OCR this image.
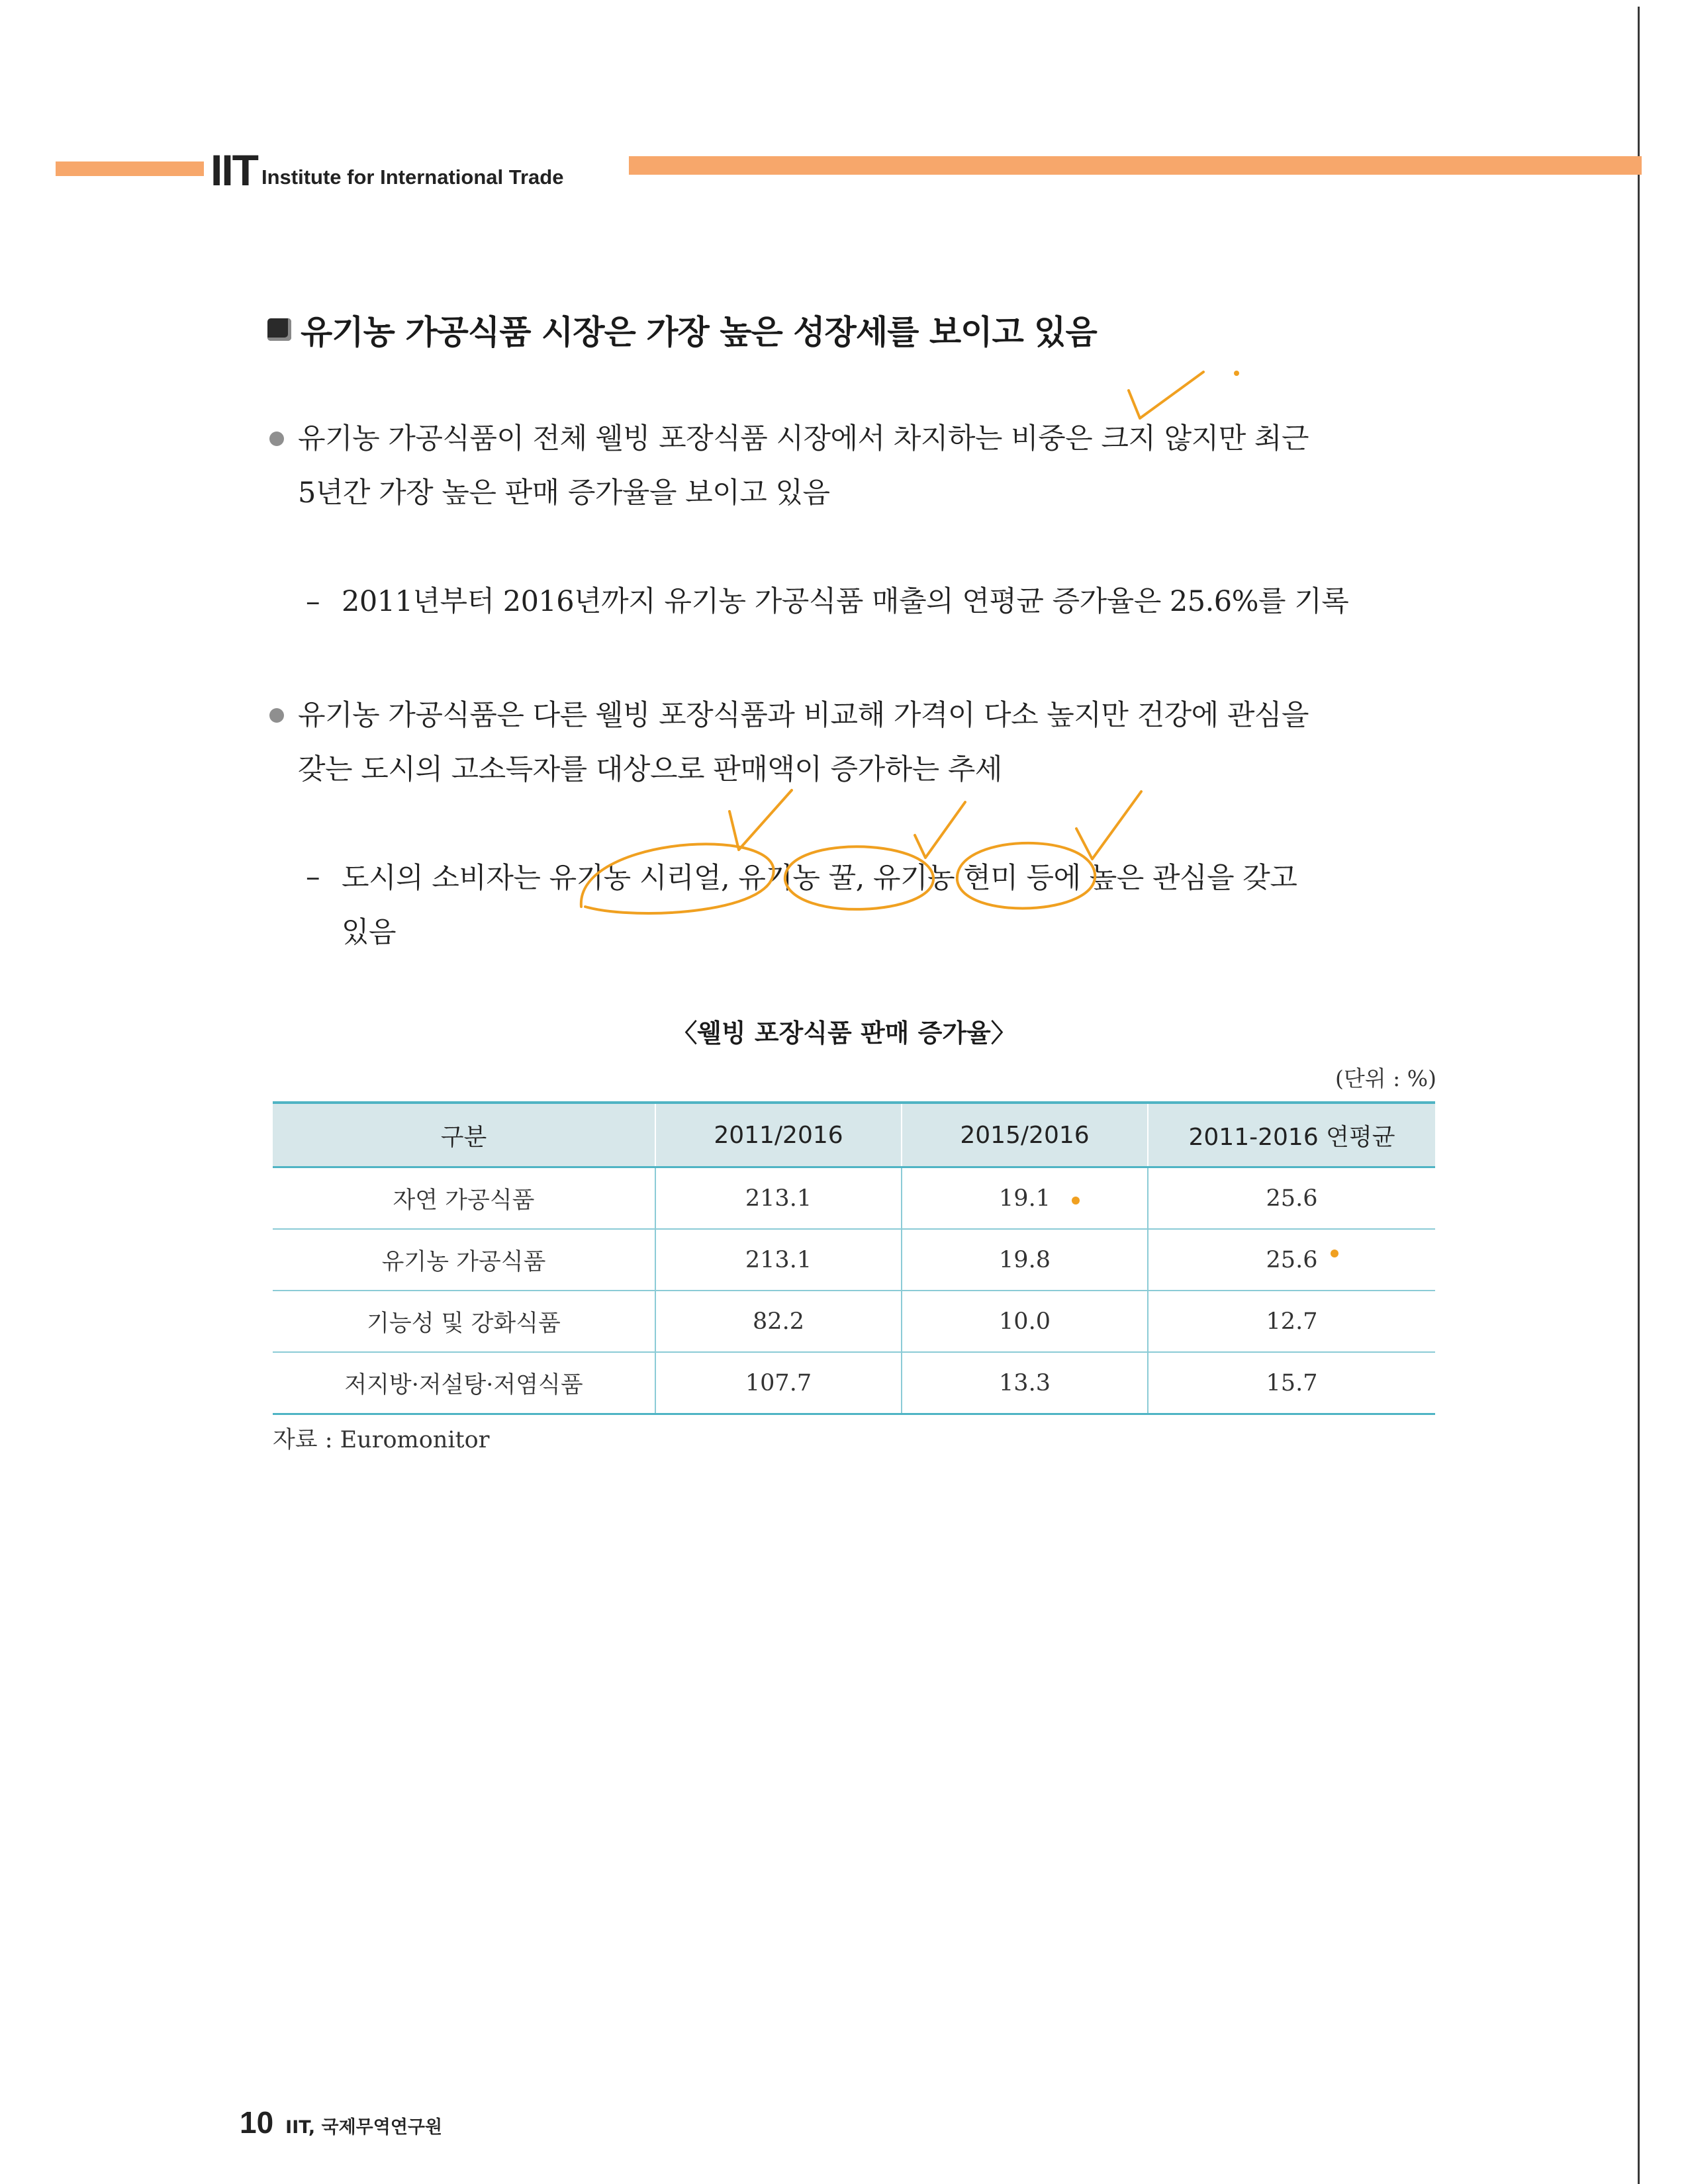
IIT Institute for International Trade
유기농 가공식품 시장은 가장 높은 성장세를 보이고 있음
유기농 가공식품이 전체 웰빙 포장식품 시장에서 차지하는 비중은 크지 않지만 최근
5년간 가장 높은 판매 증가율을 보이고 있음
– 2011년부터 2016년까지 유기농 가공식품 매출의 연평균 증가율은 25.6%를 기록
유기농 가공식품은 다른 웰빙 포장식품과 비교해 가격이 다소 높지만 건강에 관심을
갖는 도시의 고소득자를 대상으로 판매액이 증가하는 추세
– 도시의 소비자는 유기농 시리얼, 유기농 꿀, 유기농 현미 등에 높은 관심을 갖고
있음
〈웰빙 포장식품 판매 증가율〉
(단위 : %)
구분	2011/2016	2015/2016	2011-2016 연평균
자연 가공식품	213.1	19.1	25.6
유기농 가공식품	213.1	19.8	25.6
기능성 및 강화식품	82.2	10.0	12.7
저지방·저설탕·저염식품	107.7	13.3	15.7
자료 : Euromonitor
10 IIT, 국제무역연구원
